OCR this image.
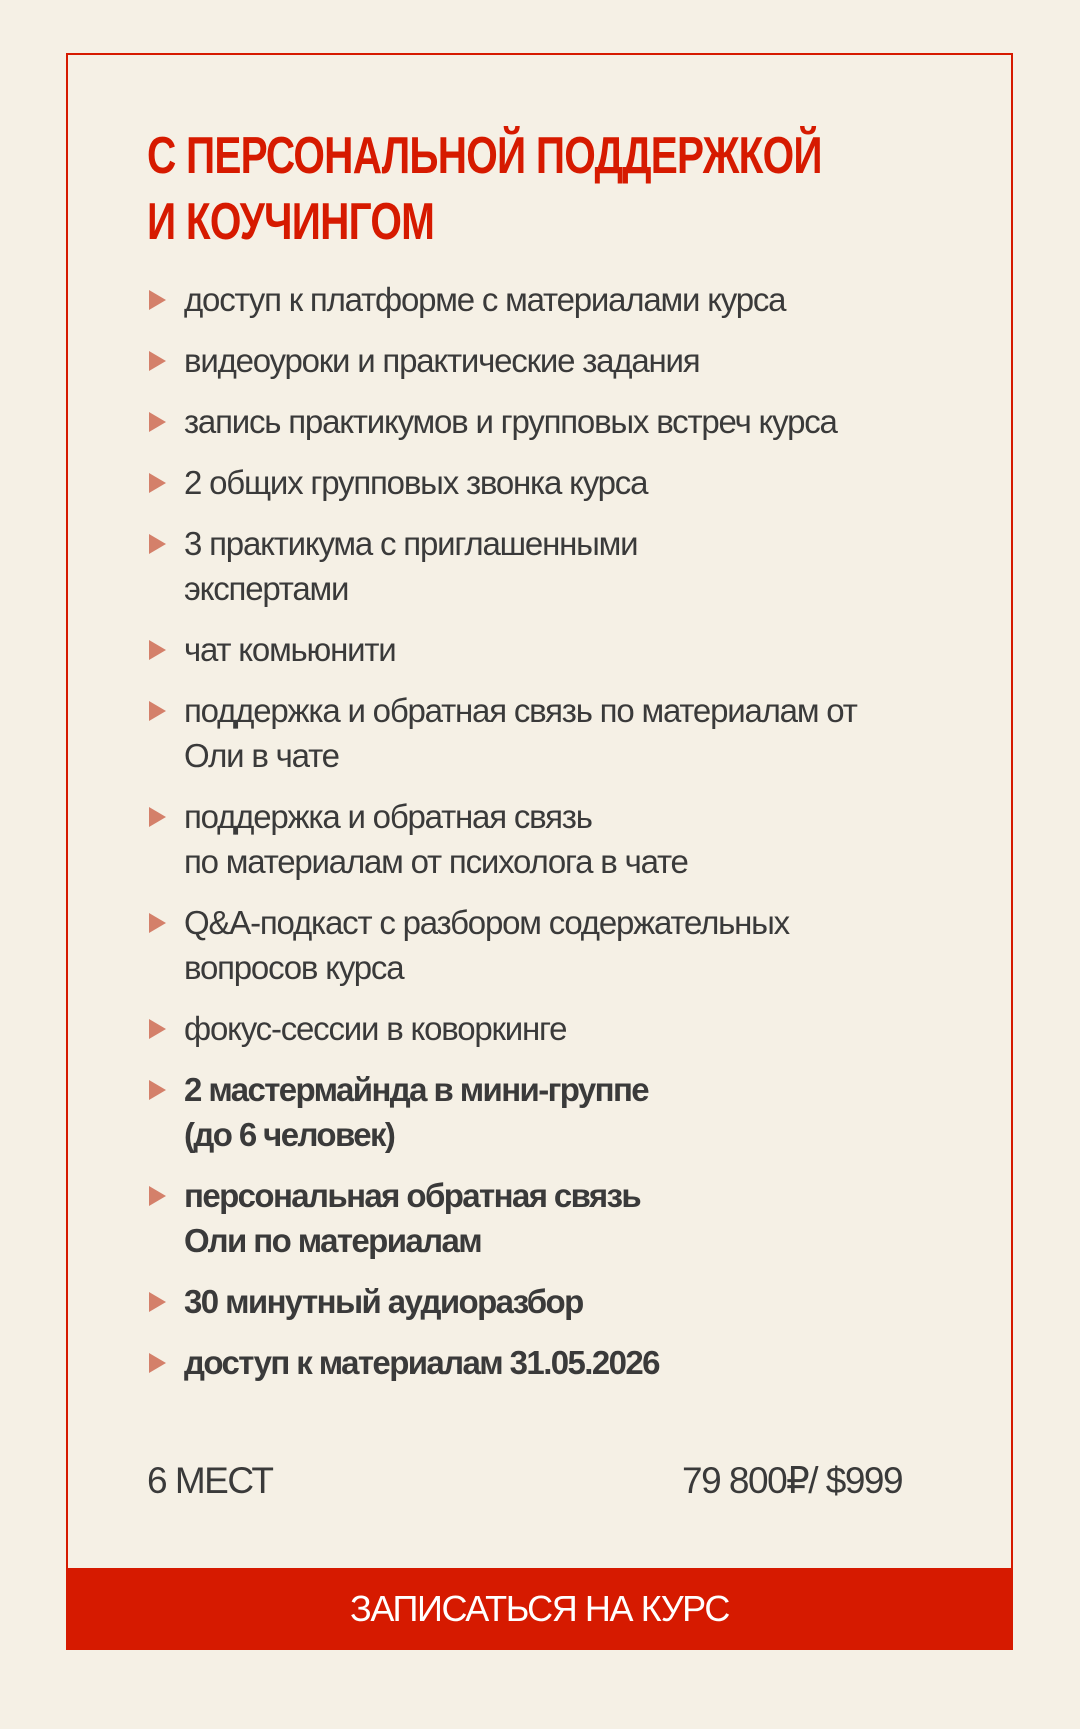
С ПЕРСОНАЛЬНОЙ ПОДДЕРЖКОЙ
И КОУЧИНГОМ
доступ к платформе с материалами курса
видеоуроки и практические задания
запись практикумов и групповых встреч курса
2 общих групповых звонка курса
3 практикума с приглашенными
экспертами
чат комьюнити
поддержка и обратная связь по материалам от
Оли в чате
поддержка и обратная связь
по материалам от психолога в чате
Q&A-подкаст с разбором содержательных
вопросов курса
фокус-сессии в коворкинге
2 мастермайнда в мини-группе
(до 6 человек)
персональная обратная связь
Оли по материалам
30 минутный аудиоразбор
доступ к материалам 31.05.2026
6 МЕСТ	79 800₽/ $999
ЗАПИСАТЬСЯ НА КУРС
